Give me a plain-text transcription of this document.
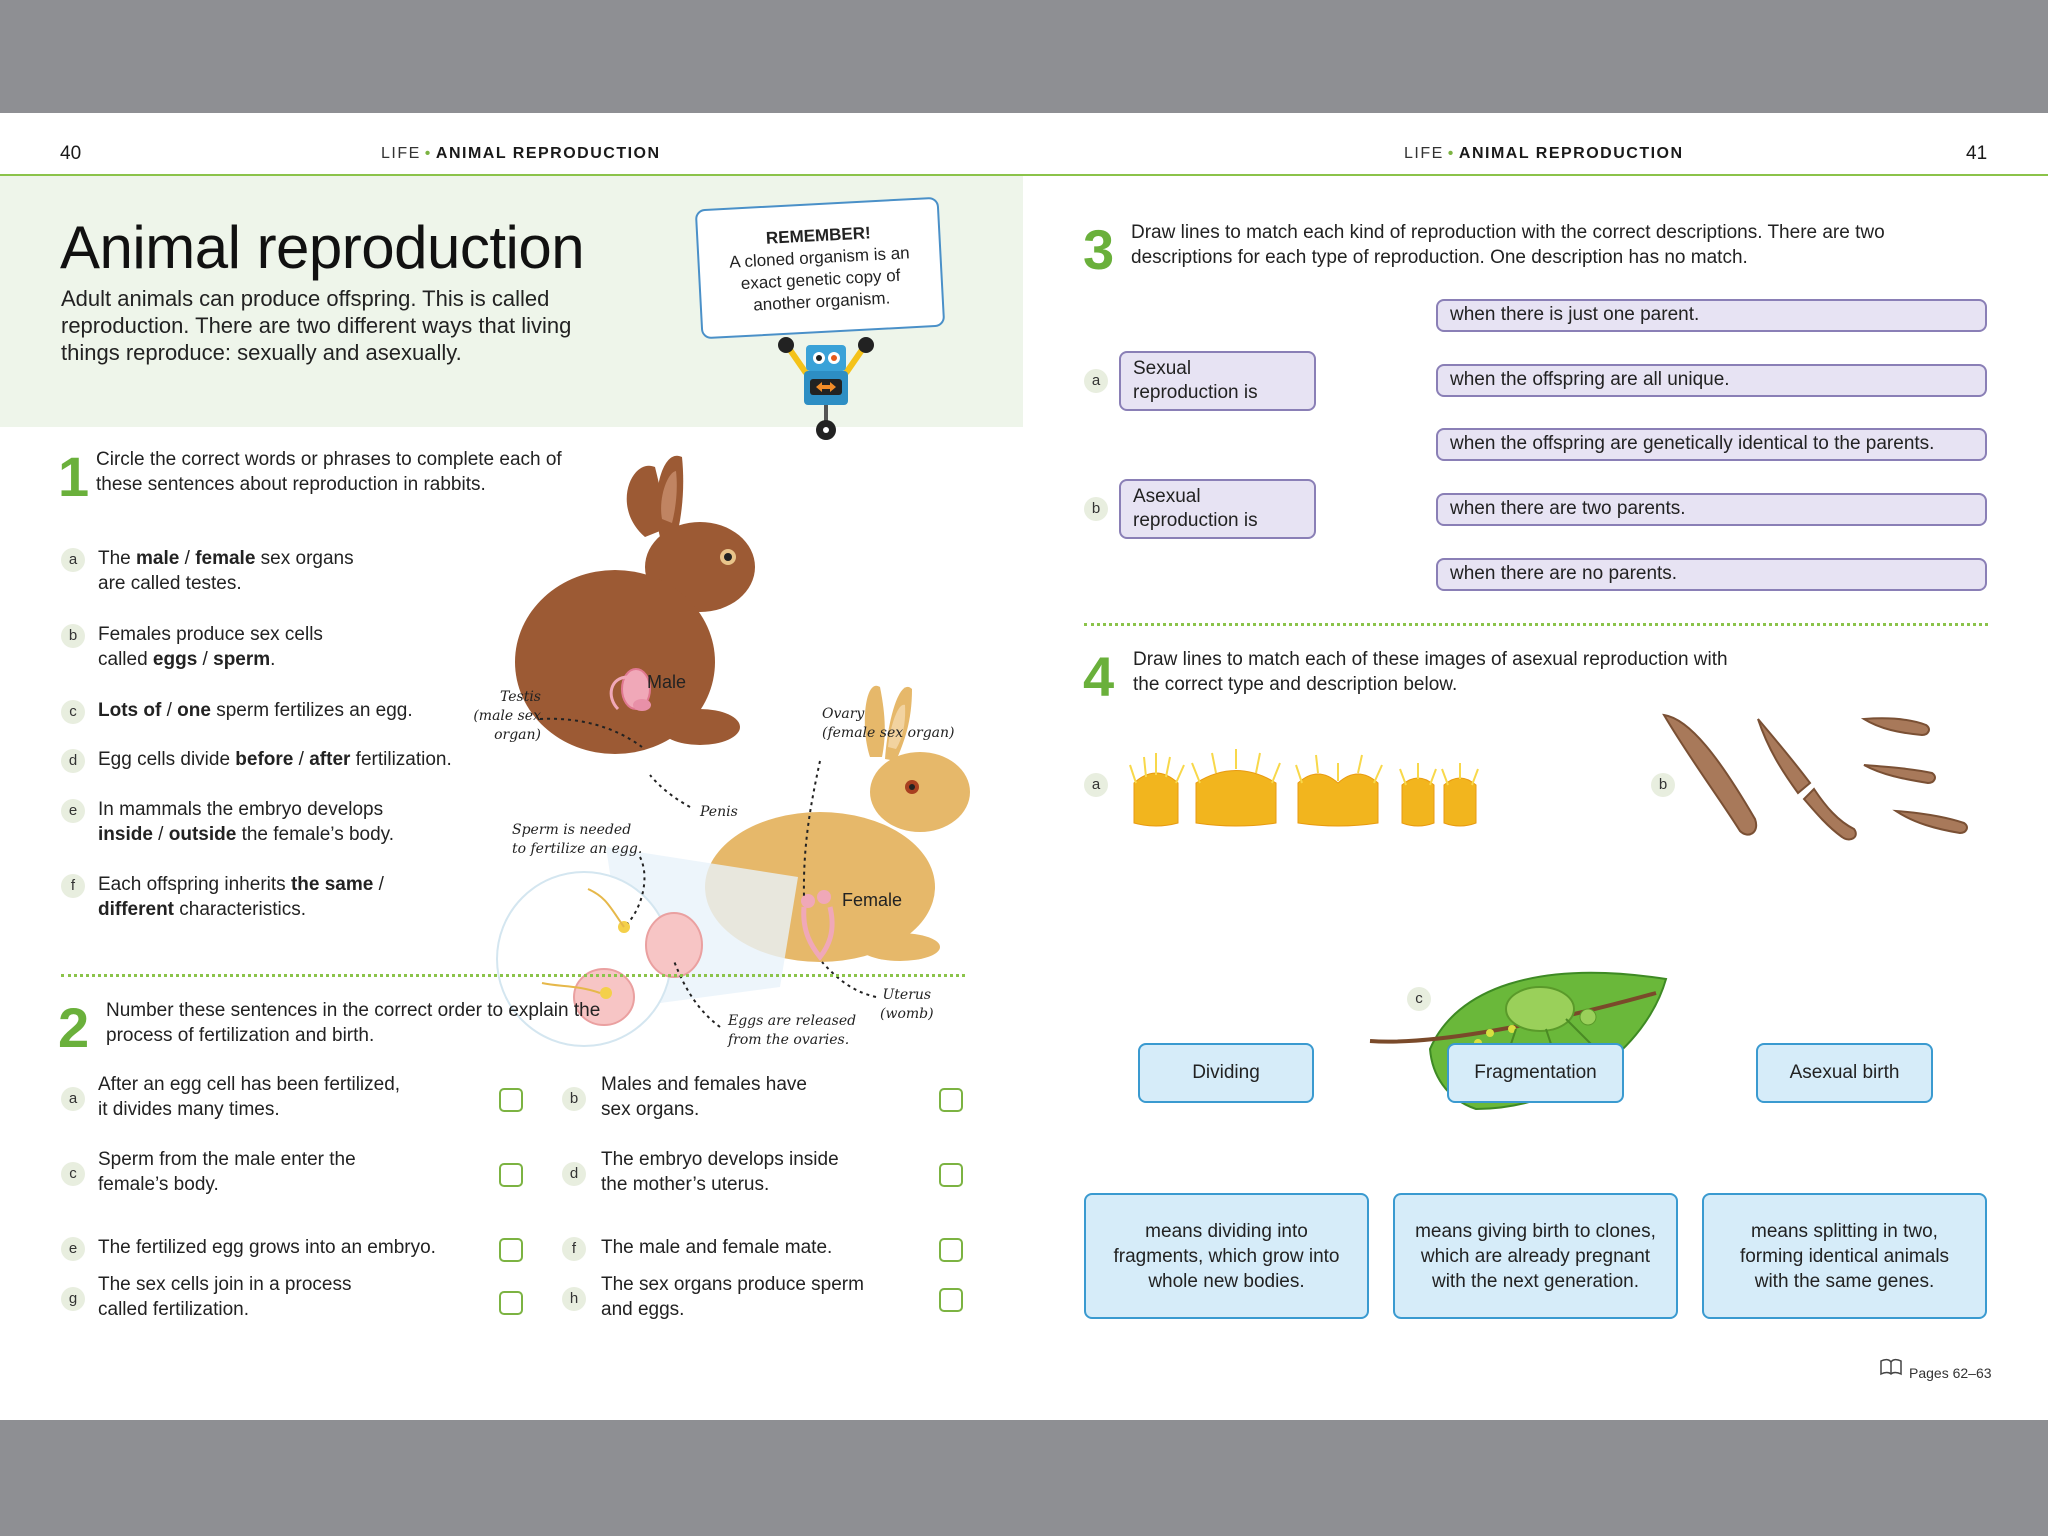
40	LIFE • ANIMAL REPRODUCTION	LIFE • ANIMAL REPRODUCTION	41
Animal reproduction
Adult animals can produce offspring. This is called reproduction. There are two different ways that living things reproduce: sexually and asexually.
REMEMBER!
A cloned organism is an exact genetic copy of another organism.
1 Circle the correct words or phrases to complete each of these sentences about reproduction in rabbits.
a	The male / female sex organs
are called testes.
b	Females produce sex cells
called eggs / sperm.
c	Lots of / one sperm fertilizes an egg.
d	Egg cells divide before / after fertilization.
e	In mammals the embryo develops
inside / outside the female’s body.
f	Each offspring inherits the same /
different characteristics.
Male
Female
Testis
(male sex organ)
Penis
Ovary
(female sex organ)
Uterus
(womb)
Sperm is needed
to fertilize an egg.
Eggs are released
from the ovaries.
2 Number these sentences in the correct order to explain the process of fertilization and birth.
a
After an egg cell has been fertilized,
it divides many times.
b
Males and females have
sex organs.
c
Sperm from the male enter the
female’s body.
d
The embryo develops inside
the mother’s uterus.
e	The fertilized egg grows into an embryo.	f	The male and female mate.
g
The sex cells join in a process
called fertilization.
h
The sex organs produce sperm
and eggs.
3 Draw lines to match each kind of reproduction with the correct descriptions. There are two descriptions for each type of reproduction. One description has no match.
a
Sexual
reproduction is
b
Asexual
reproduction is
when there is just one parent.
when the offspring are all unique.
when the offspring are genetically identical to the parents.
when there are two parents.
when there are no parents.
4 Draw lines to match each of these images of asexual reproduction with the correct type and description below.
a	b
c
Dividing	Fragmentation	Asexual birth
means dividing into
fragments, which grow into
whole new bodies.
means giving birth to clones,
which are already pregnant
with the next generation.
means splitting in two,
forming identical animals
with the same genes.
Pages 62–63
